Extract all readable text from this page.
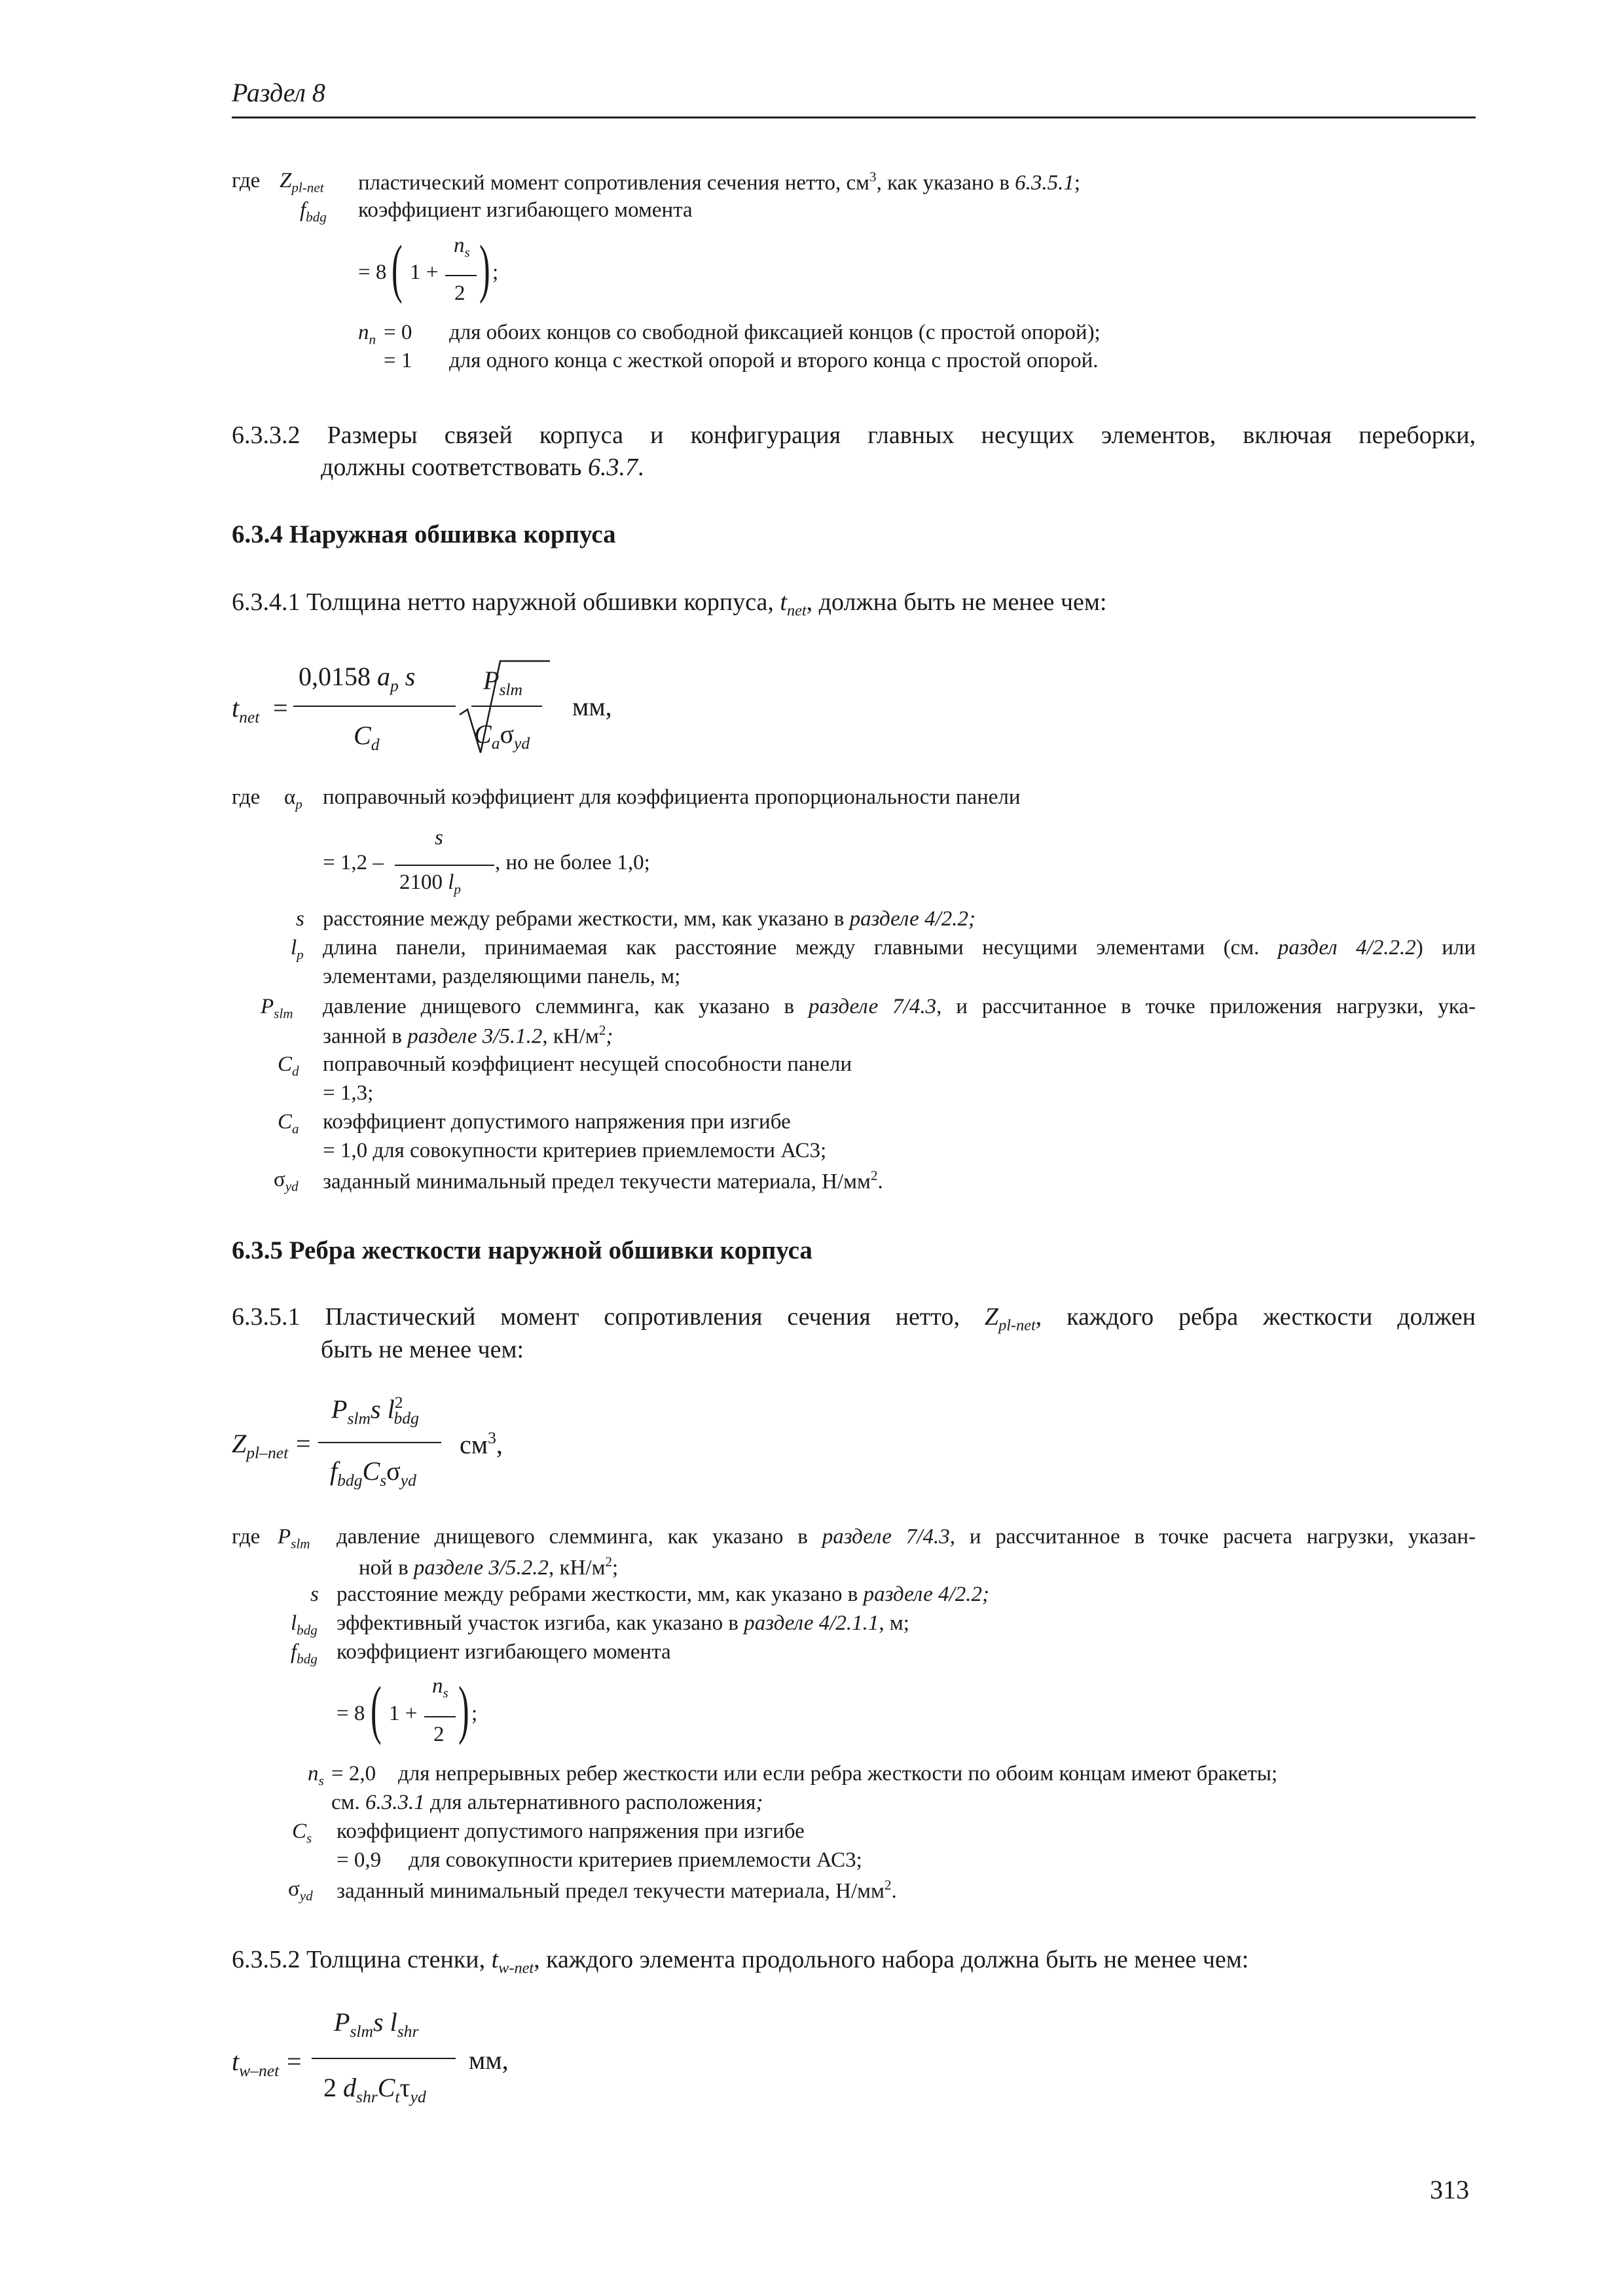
Раздел 8
где $Z_{pl-net}$ пластический момент сопротивления сечения нетто, $см^3$, как указано в 6.3.5.1;
$f_{bdg}$ коэффициент изгибающего момента
= 8 ( 1 +
$n_s$
2 ) ;
$n_n = 0$ для обоих концов со свободной фиксацией концов (с простой опорой);
= 1 для одного конца с жесткой опорой и второго конца с простой опорой.
6.3.3.2 Размеры связей корпуса и конфигурация главных несущих элементов, включая переборки,
должны соответствовать 6.3.7.
6.3.4 Наружная обшивка корпуса
6.3.4.1 Толщина нетто наружной обшивки корпуса, $t_{net}$, должна быть не менее чем:
$t_{net}$ =
0,0158 $a_p$ s
$C_d$
$P_{slm}$
$C_a\sigma_{yd}$
мм,
где $\alpha_p$ поправочный коэффициент для коэффициента пропорциональности панели
= 1,2 –
s
2100 $l_p$
, но не более 1,0;
s расстояние между ребрами жесткости, мм, как указано в разделе 4/2.2;
$l_p$ длина панели, принимаемая как расстояние между главными несущими элементами (см. раздел 4/2.2.2) или
элементами, разделяющими панель, м;
$P_{slm}$ давление днищевого слемминга, как указано в разделе 7/4.3, и рассчитанное в точке приложения нагрузки, ука-
занной в разделе 3/5.1.2, $кН/м^2$;
$C_d$ поправочный коэффициент несущей способности панели
= 1,3;
$C_a$ коэффициент допустимого напряжения при изгибе
= 1,0 для совокупности критериев приемлемости АС3;
$\sigma_{yd}$ заданный минимальный предел текучести материала, $Н/мм^2$.
6.3.5 Ребра жесткости наружной обшивки корпуса
6.3.5.1 Пластический момент сопротивления сечения нетто, $Z_{pl-net}$, каждого ребра жесткости должен
быть не менее чем:
$Z_{pl-net}$ =
$P_{slm}s$ $l^2_{bdg}$
$f_{bdg}C_s\sigma_{yd}$
$см^3$,
где $P_{slm}$ давление днищевого слемминга, как указано в разделе 7/4.3, и рассчитанное в точке расчета нагрузки, указан-
ной в разделе 3/5.2.2, $кН/м^2$;
s расстояние между ребрами жесткости, мм, как указано в разделе 4/2.2;
$l_{bdg}$ эффективный участок изгиба, как указано в разделе 4/2.1.1, м;
$f_{bdg}$ коэффициент изгибающего момента
= 8 ( 1 +
$n_s$
2 ) ;
$n_s = 2,0$ для непрерывных ребер жесткости или если ребра жесткости по обоим концам имеют бракеты;
см. 6.3.3.1 для альтернативного расположения;
$C_s$ коэффициент допустимого напряжения при изгибе
= 0,9 для совокупности критериев приемлемости АС3;
$\sigma_{yd}$ заданный минимальный предел текучести материала, $Н/мм^2$.
6.3.5.2 Толщина стенки, $t_{w-net}$, каждого элемента продольного набора должна быть не менее чем:
$t_{w-net}$ =
$P_{slm}s$ $l_{shr}$
2 $d_{shr}C_t\tau_{yd}$
мм,
313
